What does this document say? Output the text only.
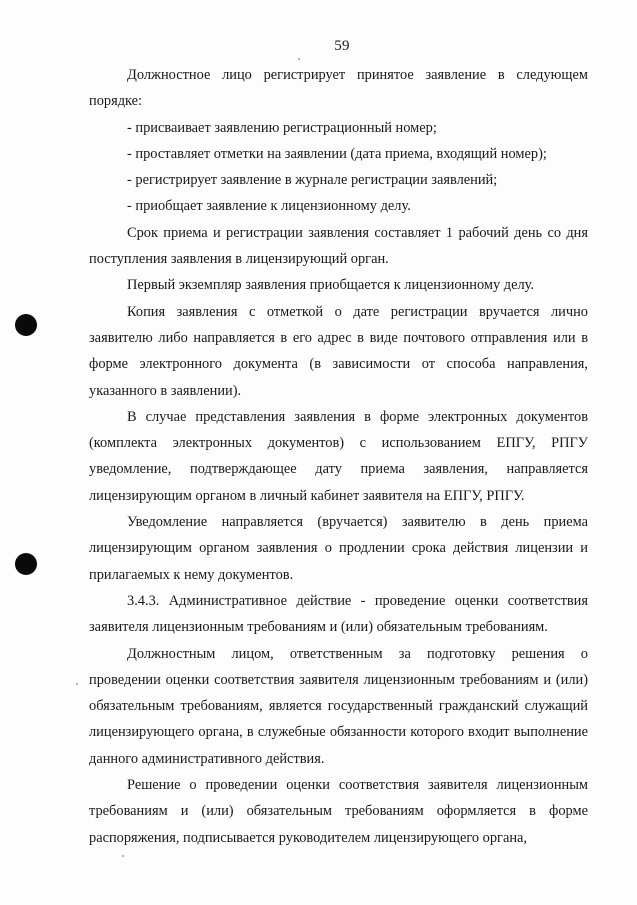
59

Должностное лицо регистрирует принятое заявление в следующем порядке:

- присваивает заявлению регистрационный номер;

- проставляет отметки на заявлении (дата приема, входящий номер);

- регистрирует заявление в журнале регистрации заявлений;

- приобщает заявление к лицензионному делу.

Срок приема и регистрации заявления составляет 1 рабочий день со дня поступления заявления в лицензирующий орган.

Первый экземпляр заявления приобщается к лицензионному делу.

Копия заявления с отметкой о дате регистрации вручается лично заявителю либо направляется в его адрес в виде почтового отправления или в форме электронного документа (в зависимости от способа направления, указанного в заявлении).

В случае представления заявления в форме электронных документов (комплекта электронных документов) с использованием ЕПГУ, РПГУ уведомление, подтверждающее дату приема заявления, направляется лицензирующим органом в личный кабинет заявителя на ЕПГУ, РПГУ.

Уведомление направляется (вручается) заявителю в день приема лицензирующим органом заявления о продлении срока действия лицензии и прилагаемых к нему документов.

3.4.3. Административное действие - проведение оценки соответствия заявителя лицензионным требованиям и (или) обязательным требованиям.

Должностным лицом, ответственным за подготовку решения о проведении оценки соответствия заявителя лицензионным требованиям и (или) обязательным требованиям, является государственный гражданский служащий лицензирующего органа, в служебные обязанности которого входит выполнение данного административного действия.

Решение о проведении оценки соответствия заявителя лицензионным требованиям и (или) обязательным требованиям оформляется в форме распоряжения, подписывается руководителем лицензирующего органа,
